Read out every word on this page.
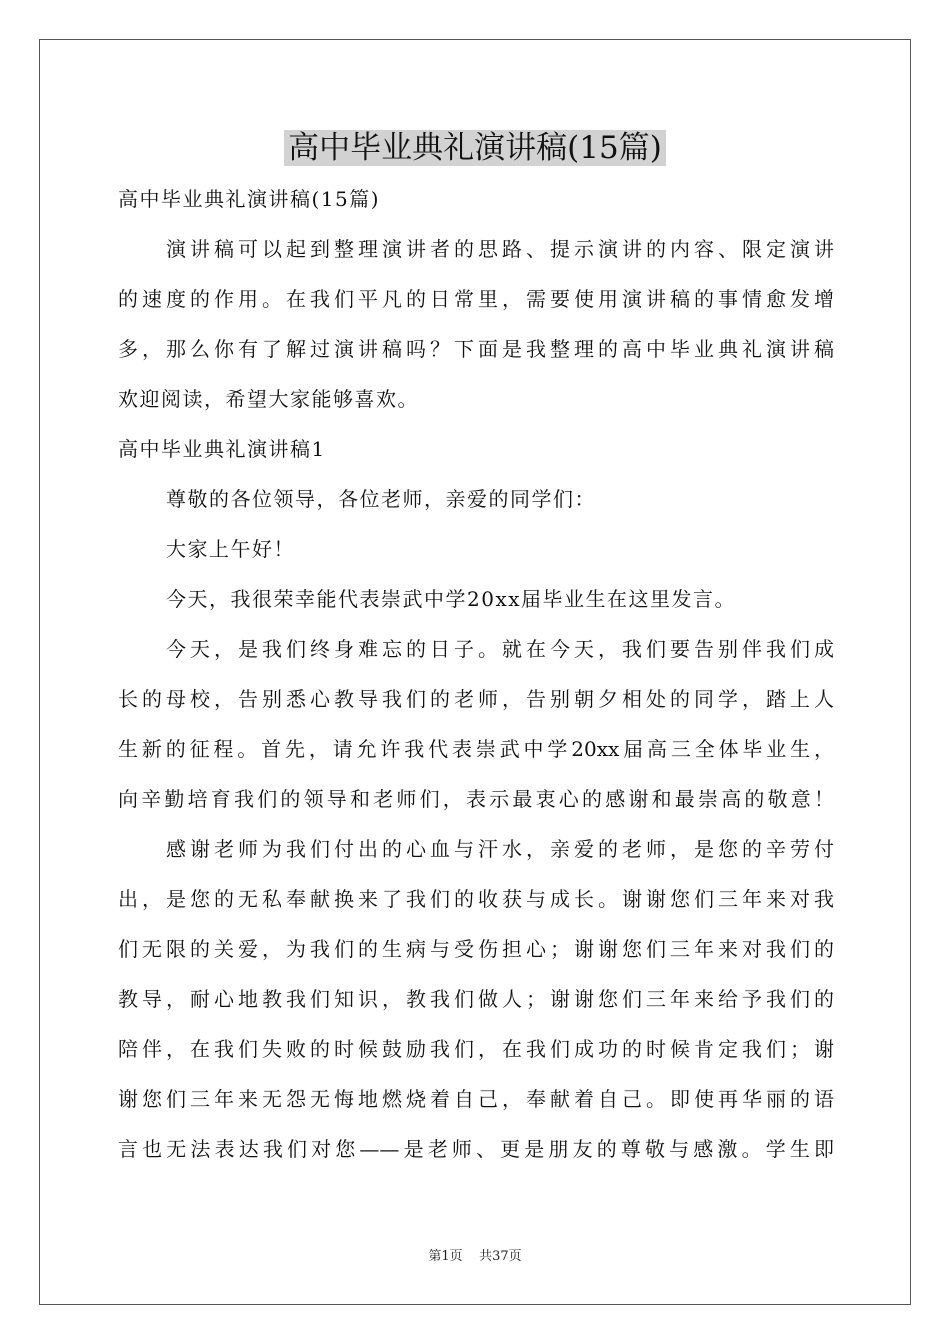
高中毕业典礼演讲稿(15篇)
高中毕业典礼演讲稿(15篇)
演讲稿可以起到整理演讲者的思路、提示演讲的内容、限定演讲
的速度的作用。在我们平凡的日常里，需要使用演讲稿的事情愈发增
多，那么你有了解过演讲稿吗？下面是我整理的高中毕业典礼演讲稿
欢迎阅读，希望大家能够喜欢。
高中毕业典礼演讲稿1
尊敬的各位领导，各位老师，亲爱的同学们：
大家上午好！
今天，我很荣幸能代表崇武中学20xx届毕业生在这里发言。
今天，是我们终身难忘的日子。就在今天，我们要告别伴我们成
长的母校，告别悉心教导我们的老师，告别朝夕相处的同学，踏上人
生新的征程。首先，请允许我代表崇武中学20xx届高三全体毕业生，
向辛勤培育我们的领导和老师们，表示最衷心的感谢和最崇高的敬意！
感谢老师为我们付出的心血与汗水，亲爱的老师，是您的辛劳付
出，是您的无私奉献换来了我们的收获与成长。谢谢您们三年来对我
们无限的关爱，为我们的生病与受伤担心；谢谢您们三年来对我们的
教导，耐心地教我们知识，教我们做人；谢谢您们三年来给予我们的
陪伴，在我们失败的时候鼓励我们，在我们成功的时候肯定我们；谢
谢您们三年来无怨无悔地燃烧着自己，奉献着自己。即使再华丽的语
言也无法表达我们对您——是老师、更是朋友的尊敬与感激。学生即
第1页 共37页
